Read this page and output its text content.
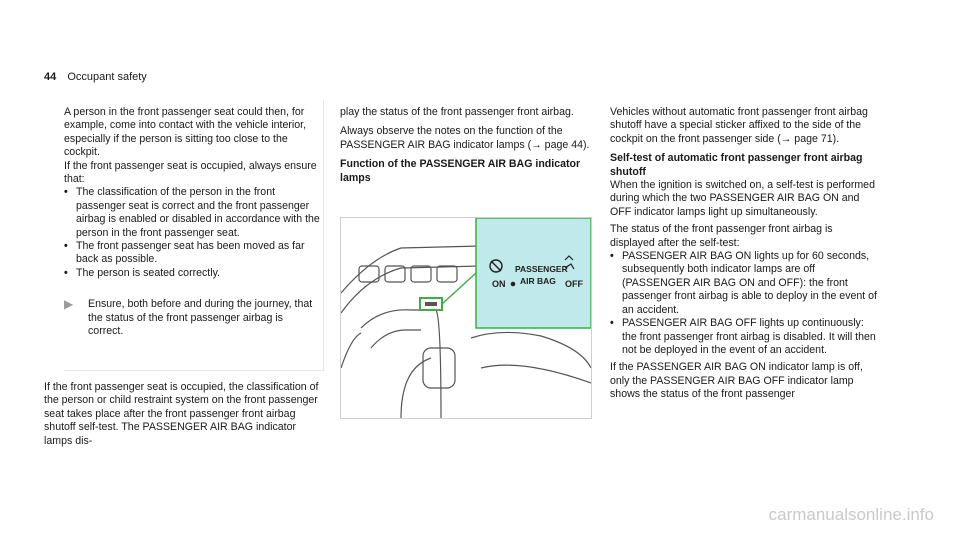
44 Occupant safety

A person in the front passenger seat could then, for example, come into contact with the vehicle interior, especially if the person is sitting too close to the cockpit.

If the front passenger seat is occupied, always ensure that:

• The classification of the person in the front passenger seat is correct and the front passenger airbag is enabled or disabled in accordance with the person in the front passenger seat.
• The front passenger seat has been moved as far back as possible.
• The person is seated correctly.
▶	Ensure, both before and during the journey, that the status of the front passenger airbag is correct.

If the front passenger seat is occupied, the classification of the person or child restraint system on the front passenger seat takes place after the front passenger front airbag shutoff self-test. The PASSENGER AIR BAG indicator lamps dis-

play the status of the front passenger front airbag.

Always observe the notes on the function of the PASSENGER AIR BAG indicator lamps (→ page 44).

Function of the PASSENGER AIR BAG indicator lamps

ON
PASSENGER
AIR BAG OFF

Vehicles without automatic front passenger front airbag shutoff have a special sticker affixed to the side of the cockpit on the front passenger side (→ page 71).

Self-test of automatic front passenger front airbag shutoff

When the ignition is switched on, a self-test is performed during which the two PASSENGER AIR BAG ON and OFF indicator lamps light up simultaneously.

The status of the front passenger front airbag is displayed after the self-test:

• PASSENGER AIR BAG ON lights up for 60 seconds, subsequently both indicator lamps are off (PASSENGER AIR BAG ON and OFF): the front passenger front airbag is able to deploy in the event of an accident.
• PASSENGER AIR BAG OFF lights up continuously: the front passenger front airbag is disabled. It will then not be deployed in the event of an accident.

If the PASSENGER AIR BAG ON indicator lamp is off, only the PASSENGER AIR BAG OFF indicator lamp shows the status of the front passenger

carmanualsonline.info
